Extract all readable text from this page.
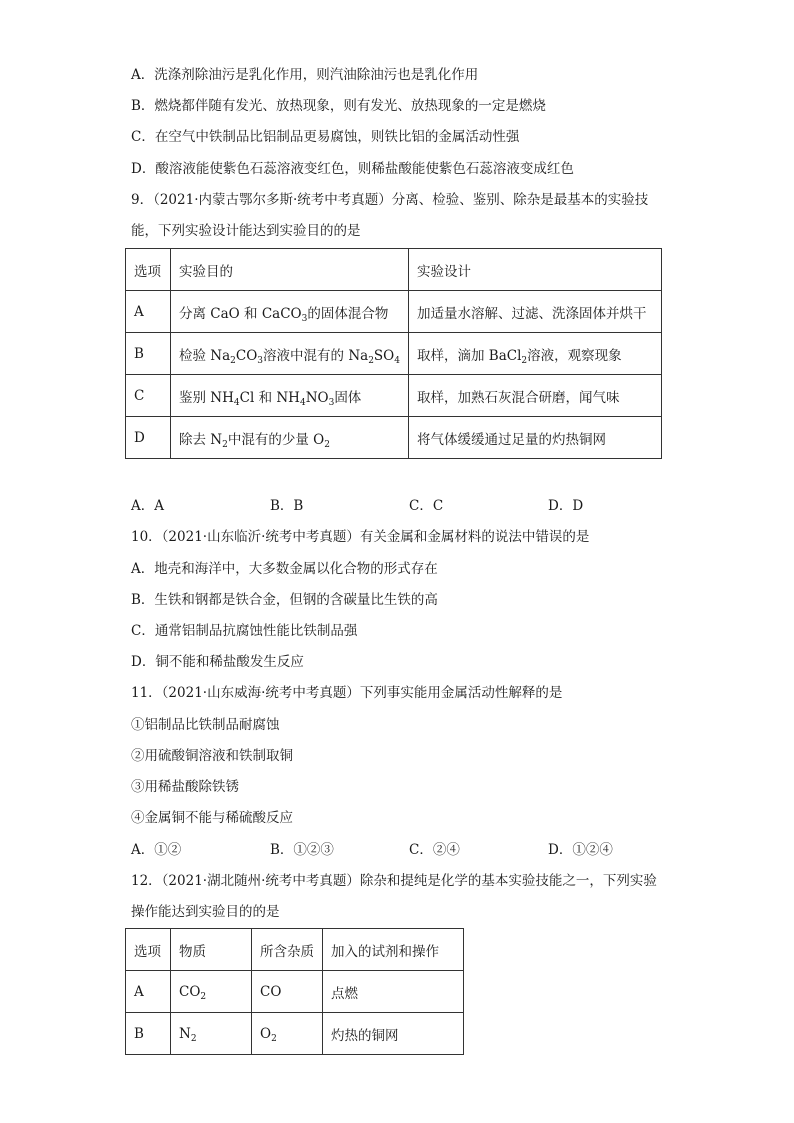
A．洗涤剂除油污是乳化作用，则汽油除油污也是乳化作用
B．燃烧都伴随有发光、放热现象，则有发光、放热现象的一定是燃烧
C．在空气中铁制品比铝制品更易腐蚀，则铁比铝的金属活动性强
D．酸溶液能使紫色石蕊溶液变红色，则稀盐酸能使紫色石蕊溶液变成红色
9．（2021·内蒙古鄂尔多斯·统考中考真题）分离、检验、鉴别、除杂是最基本的实验技
能，下列实验设计能达到实验目的的是
选项	实验目的	实验设计
A	分离 CaO 和 CaCO$_3$的固体混合物	加适量水溶解、过滤、洗涤固体并烘干
B	检验 $Na_2CO_3$溶液中混有的 $Na_2SO_4$	取样，滴加 BaCl$_2$溶液，观察现象
C	鉴别 $NH_4Cl$ 和 $NH_4NO_3$固体	取样，加熟石灰混合研磨，闻气味
D	除去 $N_2$中混有的少量 $O_2$	将气体缓缓通过足量的灼热铜网
A．A	B．B	C．C	D．D
10．（2021·山东临沂·统考中考真题）有关金属和金属材料的说法中错误的是
A．地壳和海洋中，大多数金属以化合物的形式存在
B．生铁和钢都是铁合金，但钢的含碳量比生铁的高
C．通常铝制品抗腐蚀性能比铁制品强
D．铜不能和稀盐酸发生反应
11．（2021·山东威海·统考中考真题）下列事实能用金属活动性解释的是
①铝制品比铁制品耐腐蚀
②用硫酸铜溶液和铁制取铜
③用稀盐酸除铁锈
④金属铜不能与稀硫酸反应
A．①②	B．①②③	C．②④	D．①②④
12．（2021·湖北随州·统考中考真题）除杂和提纯是化学的基本实验技能之一，下列实验
操作能达到实验目的的是
选项	物质	所含杂质	加入的试剂和操作
A	$CO_2$	CO	点燃
B	$N_2$	$O_2$	灼热的铜网
